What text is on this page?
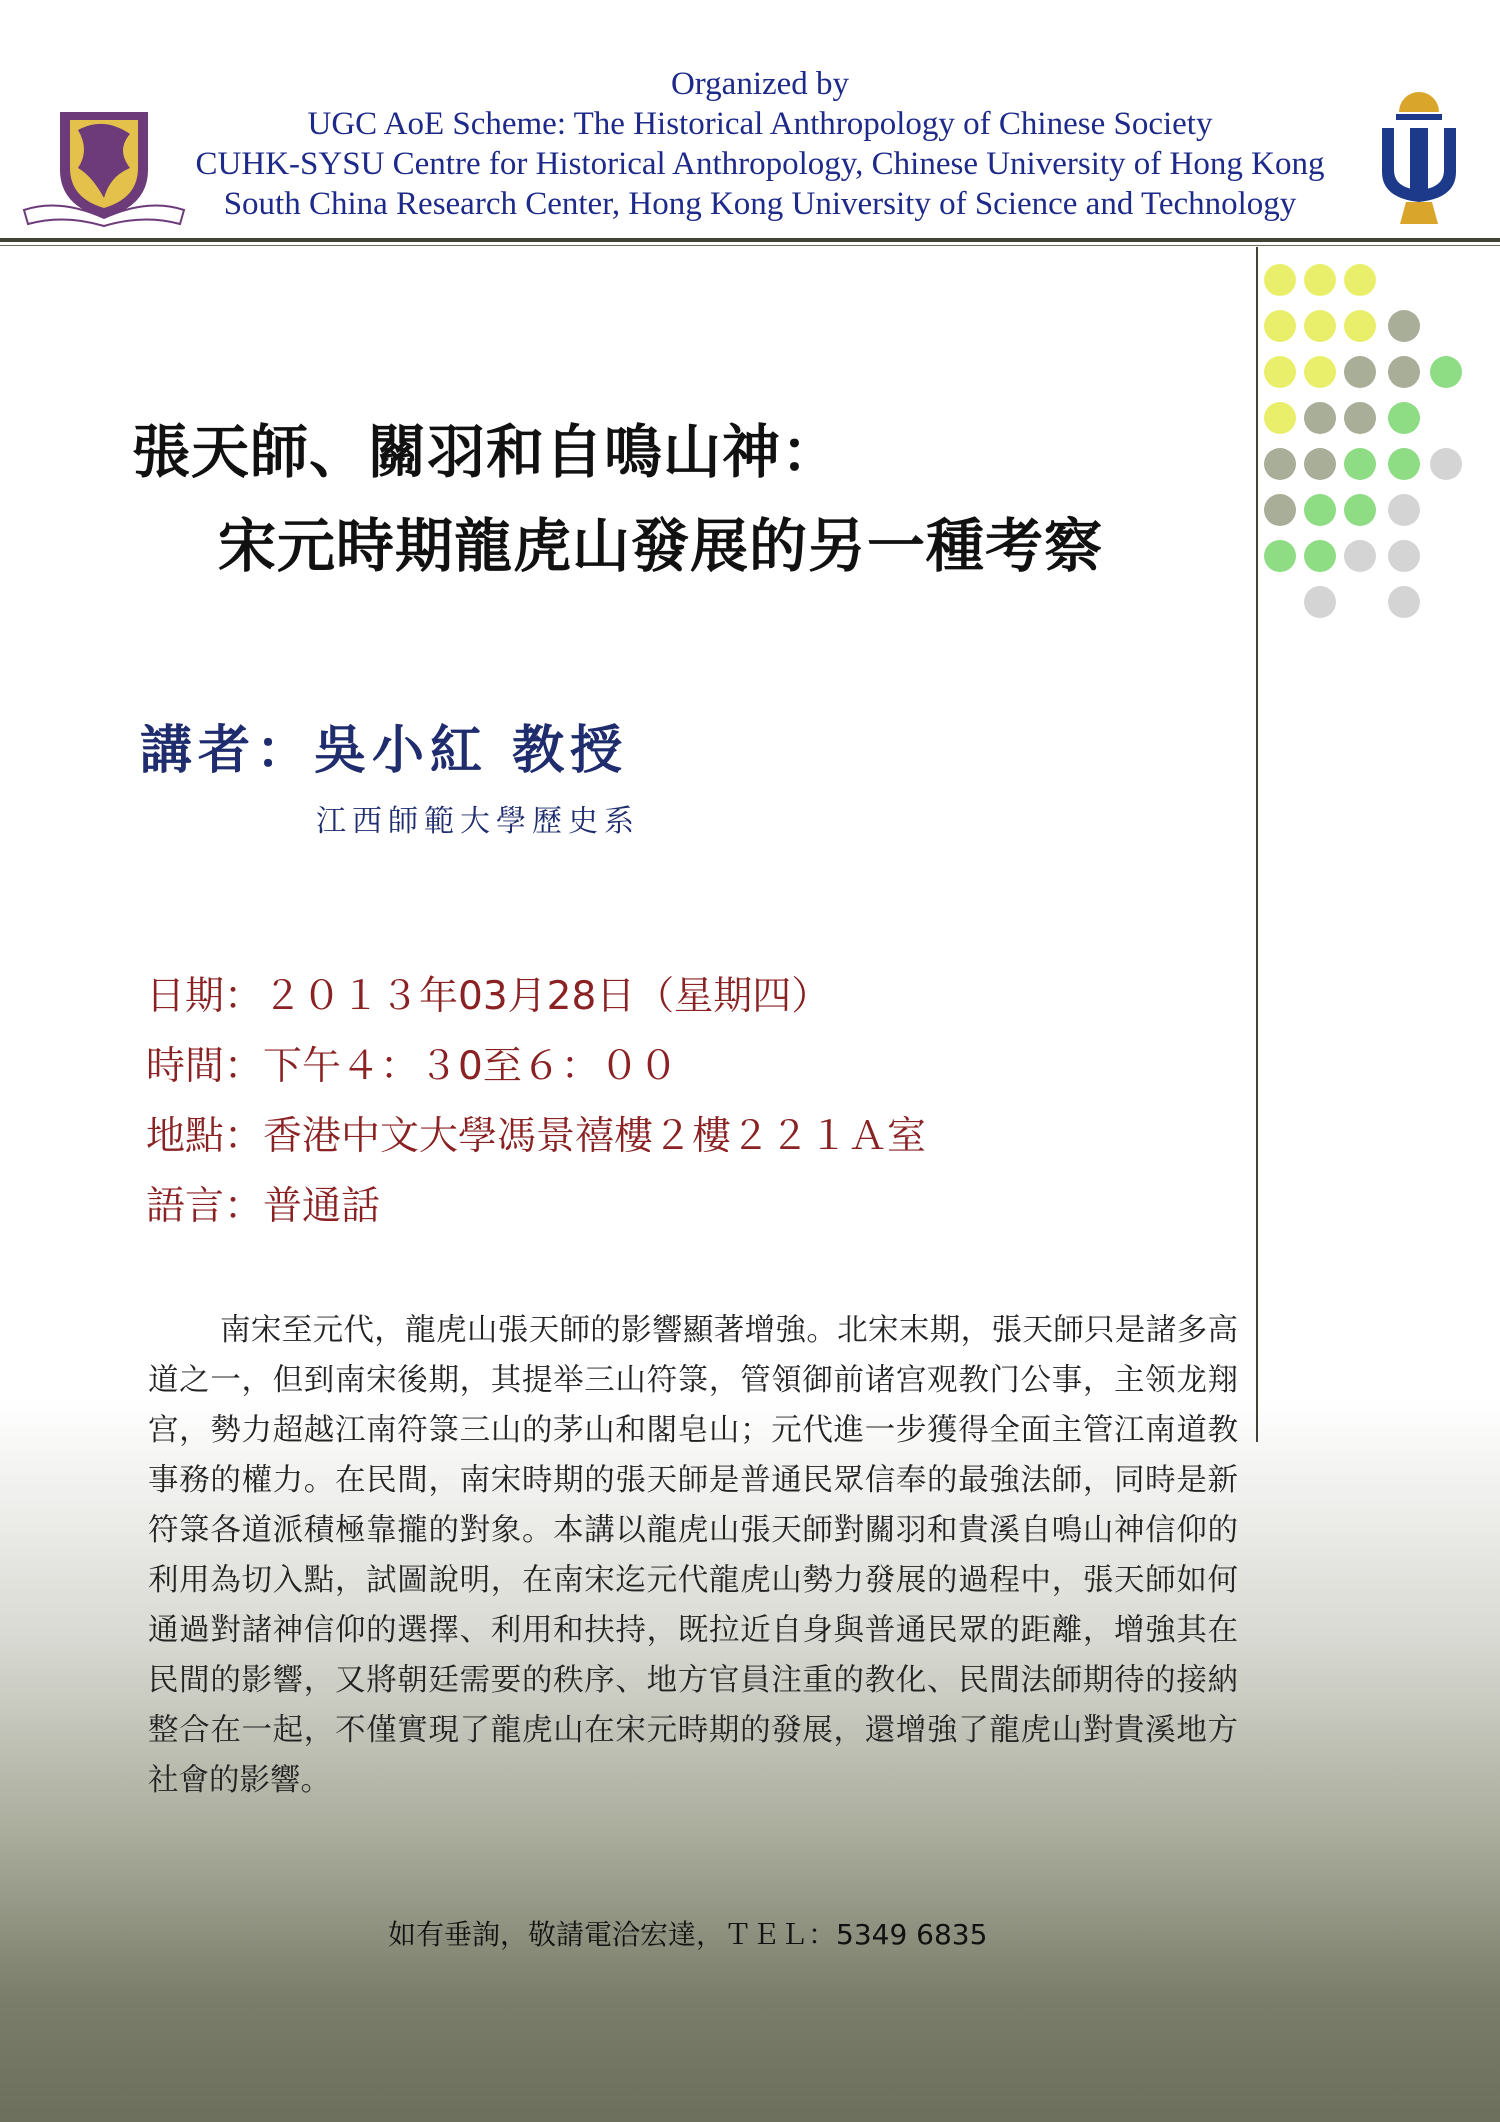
Organized by
UGC AoE Scheme: The Historical Anthropology of Chinese Society
CUHK-SYSU Centre for Historical Anthropology, Chinese University of Hong Kong
South China Research Center, Hong Kong University of Science and Technology
張天師、關羽和自鳴山神：
宋元時期龍虎山發展的另一種考察
講者：吳小紅 教授
江西師範大學歷史系
日期：２０１３年03月28日（星期四）
時間：下午４：３0至６：００
地點：香港中文大學馮景禧樓２樓２２１Ａ室
語言：普通話
南宋至元代，龍虎山張天師的影響顯著增強。北宋末期，張天師只是諸多高道之一，但到南宋後期，其提举三山符箓，管領御前诸宫观教门公事，主领龙翔宫，勢力超越江南符箓三山的茅山和閣皂山；元代進一步獲得全面主管江南道教事務的權力。在民間，南宋時期的張天師是普通民眾信奉的最強法師，同時是新符箓各道派積極靠攏的對象。本講以龍虎山張天師對關羽和貴溪自鳴山神信仰的利用為切入點，試圖說明，在南宋迄元代龍虎山勢力發展的過程中，張天師如何通過對諸神信仰的選擇、利用和扶持，既拉近自身與普通民眾的距離，增強其在民間的影響，又將朝廷需要的秩序、地方官員注重的教化、民間法師期待的接納整合在一起，不僅實現了龍虎山在宋元時期的發展，還增強了龍虎山對貴溪地方社會的影響。
如有垂詢，敬請電洽宏達，ＴＥＬ：5349 6835
